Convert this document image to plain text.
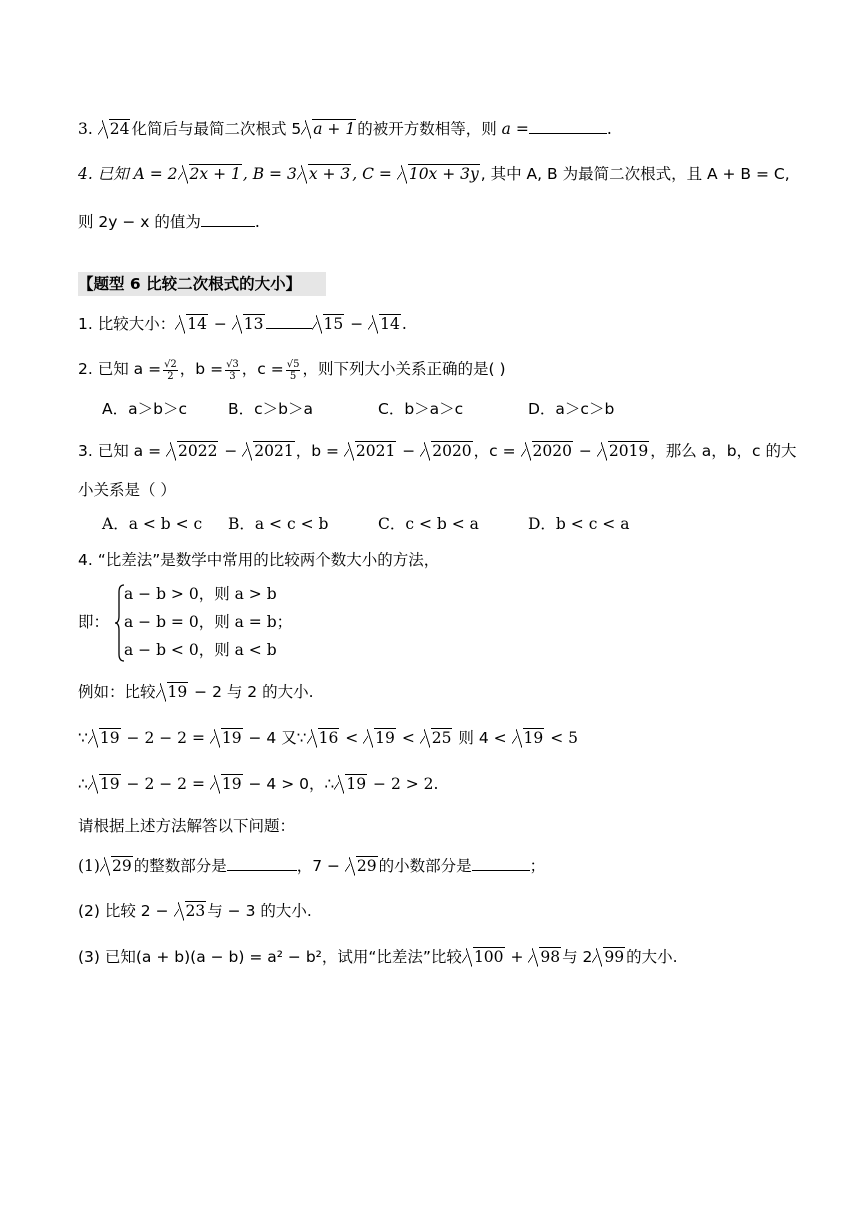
3. 24 化简后与最简二次根式 5 a + 1 的被开方数相等，则 a =	.
4. 已知 A = 2 2x + 1 , B = 3 x + 3 , C = 10x + 3y , 其中 A, B 为最简二次根式，且 A + B = C,
则 2y − x 的值为	.
【题型 6 比较二次根式的大小】
1. 比较大小： 14 − 13	15 − 14 .
2. 已知 $a = \frac{√2}{2}$ ，$b = \frac{√3}{3}$ ，$c = \frac{√5}{5}$ ，则下列大小关系正确的是( )
A．a＞b＞c	B．c＞b＞a	C．b＞a＞c	D．a＞c＞b
3. 已知 a = 2022 − 2021 ，b = 2021 − 2020 ，c = 2020 − 2019 ，那么 a，b，c 的大
小关系是（ ）
A．a < b < c B．a < c < b	C．c < b < a	D．b < c < a
4. “比差法”是数学中常用的比较两个数大小的方法，
即：
a − b > 0，则 a > b
a − b = 0，则 a = b；
a − b < 0，则 a < b
例如：比较 19 − 2 与 2 的大小.
∵ 19 − 2 − 2 = 19 − 4 又∵ 16 < 19 < 25 则 4 < 19 < 5
∴ 19 − 2 − 2 = 19 − 4 > 0，∴ 19 − 2 > 2.
请根据上述方法解答以下问题：
(1) 29 的整数部分是	，7 − 29 的小数部分是	；
(2) 比较 2 − 23 与 − 3 的大小.
(3) 已知(a + b)(a − b) = a² − b²，试用“比差法”比较 100 + 98 与 2 99 的大小.
